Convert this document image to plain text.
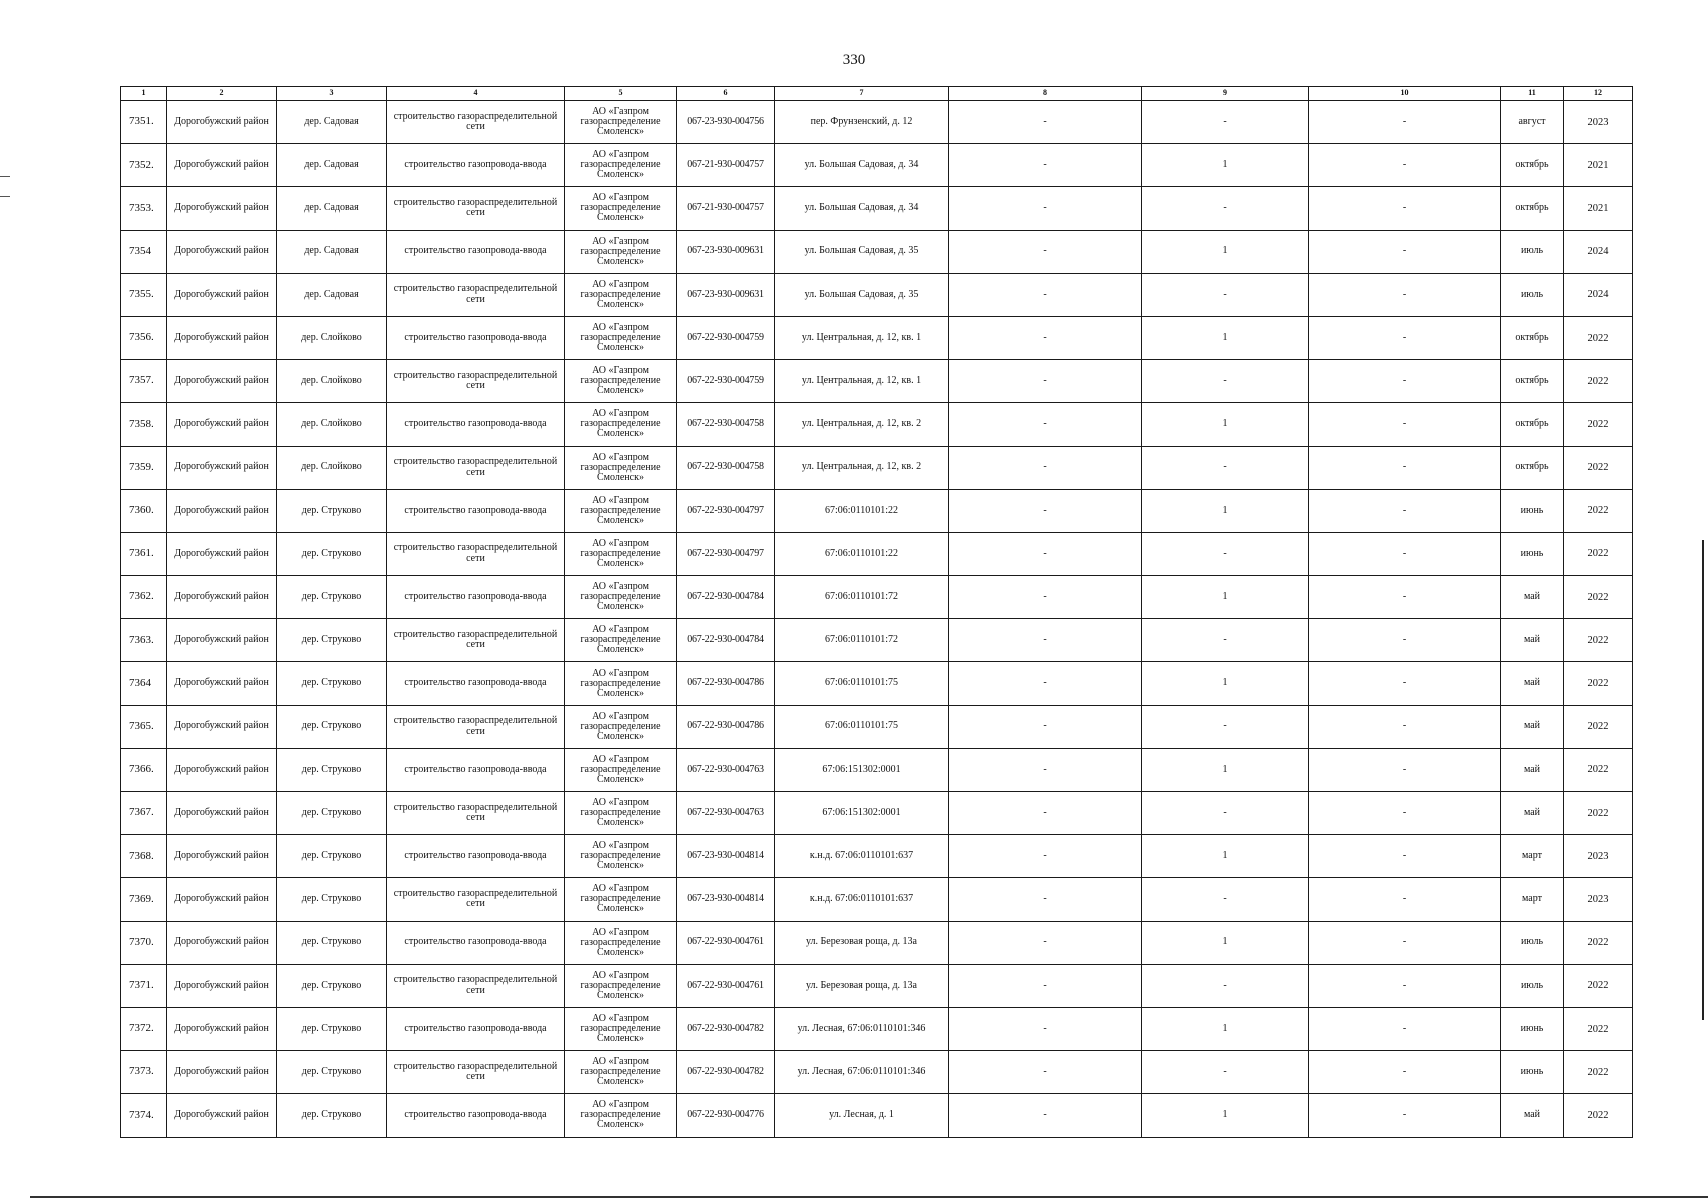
330
1	2	3	4	5	6	7	8	9	10	11	12
7351.	Дорогобужский район	дер. Садовая	строительство газораспределительной сети	АО «Газпром газораспределение Смоленск»	067-23-930-004756	пер. Фрунзенский, д. 12	-	-	-	август	2023
7352.	Дорогобужский район	дер. Садовая	строительство газопровода-ввода	АО «Газпром газораспределение Смоленск»	067-21-930-004757	ул. Большая Садовая, д. 34	-	1	-	октябрь	2021
7353.	Дорогобужский район	дер. Садовая	строительство газораспределительной сети	АО «Газпром газораспределение Смоленск»	067-21-930-004757	ул. Большая Садовая, д. 34	-	-	-	октябрь	2021
7354	Дорогобужский район	дер. Садовая	строительство газопровода-ввода	АО «Газпром газораспределение Смоленск»	067-23-930-009631	ул. Большая Садовая, д. 35	-	1	-	июль	2024
7355.	Дорогобужский район	дер. Садовая	строительство газораспределительной сети	АО «Газпром газораспределение Смоленск»	067-23-930-009631	ул. Большая Садовая, д. 35	-	-	-	июль	2024
7356.	Дорогобужский район	дер. Слойково	строительство газопровода-ввода	АО «Газпром газораспределение Смоленск»	067-22-930-004759	ул. Центральная, д. 12, кв. 1	-	1	-	октябрь	2022
7357.	Дорогобужский район	дер. Слойково	строительство газораспределительной сети	АО «Газпром газораспределение Смоленск»	067-22-930-004759	ул. Центральная, д. 12, кв. 1	-	-	-	октябрь	2022
7358.	Дорогобужский район	дер. Слойково	строительство газопровода-ввода	АО «Газпром газораспределение Смоленск»	067-22-930-004758	ул. Центральная, д. 12, кв. 2	-	1	-	октябрь	2022
7359.	Дорогобужский район	дер. Слойково	строительство газораспределительной сети	АО «Газпром газораспределение Смоленск»	067-22-930-004758	ул. Центральная, д. 12, кв. 2	-	-	-	октябрь	2022
7360.	Дорогобужский район	дер. Струково	строительство газопровода-ввода	АО «Газпром газораспределение Смоленск»	067-22-930-004797	67:06:0110101:22	-	1	-	июнь	2022
7361.	Дорогобужский район	дер. Струково	строительство газораспределительной сети	АО «Газпром газораспределение Смоленск»	067-22-930-004797	67:06:0110101:22	-	-	-	июнь	2022
7362.	Дорогобужский район	дер. Струково	строительство газопровода-ввода	АО «Газпром газораспределение Смоленск»	067-22-930-004784	67:06:0110101:72	-	1	-	май	2022
7363.	Дорогобужский район	дер. Струково	строительство газораспределительной сети	АО «Газпром газораспределение Смоленск»	067-22-930-004784	67:06:0110101:72	-	-	-	май	2022
7364	Дорогобужский район	дер. Струково	строительство газопровода-ввода	АО «Газпром газораспределение Смоленск»	067-22-930-004786	67:06:0110101:75	-	1	-	май	2022
7365.	Дорогобужский район	дер. Струково	строительство газораспределительной сети	АО «Газпром газораспределение Смоленск»	067-22-930-004786	67:06:0110101:75	-	-	-	май	2022
7366.	Дорогобужский район	дер. Струково	строительство газопровода-ввода	АО «Газпром газораспределение Смоленск»	067-22-930-004763	67:06:151302:0001	-	1	-	май	2022
7367.	Дорогобужский район	дер. Струково	строительство газораспределительной сети	АО «Газпром газораспределение Смоленск»	067-22-930-004763	67:06:151302:0001	-	-	-	май	2022
7368.	Дорогобужский район	дер. Струково	строительство газопровода-ввода	АО «Газпром газораспределение Смоленск»	067-23-930-004814	к.н.д. 67:06:0110101:637	-	1	-	март	2023
7369.	Дорогобужский район	дер. Струково	строительство газораспределительной сети	АО «Газпром газораспределение Смоленск»	067-23-930-004814	к.н.д. 67:06:0110101:637	-	-	-	март	2023
7370.	Дорогобужский район	дер. Струково	строительство газопровода-ввода	АО «Газпром газораспределение Смоленск»	067-22-930-004761	ул. Березовая роща, д. 13а	-	1	-	июль	2022
7371.	Дорогобужский район	дер. Струково	строительство газораспределительной сети	АО «Газпром газораспределение Смоленск»	067-22-930-004761	ул. Березовая роща, д. 13а	-	-	-	июль	2022
7372.	Дорогобужский район	дер. Струково	строительство газопровода-ввода	АО «Газпром газораспределение Смоленск»	067-22-930-004782	ул. Лесная, 67:06:0110101:346	-	1	-	июнь	2022
7373.	Дорогобужский район	дер. Струково	строительство газораспределительной сети	АО «Газпром газораспределение Смоленск»	067-22-930-004782	ул. Лесная, 67:06:0110101:346	-	-	-	июнь	2022
7374.	Дорогобужский район	дер. Струково	строительство газопровода-ввода	АО «Газпром газораспределение Смоленск»	067-22-930-004776	ул. Лесная, д. 1	-	1	-	май	2022
